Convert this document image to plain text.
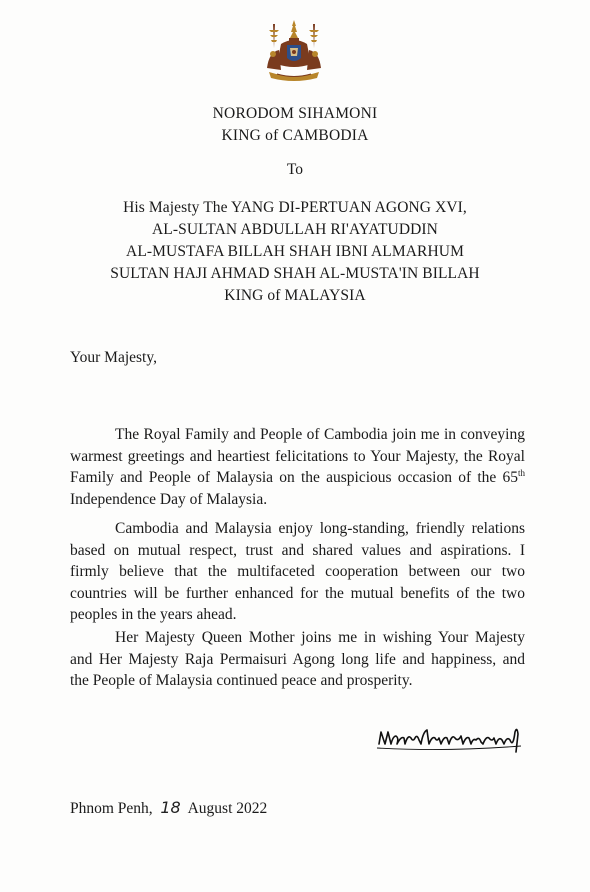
NORODOM SIHAMONI
KING of CAMBODIA
To
His Majesty The YANG DI-PERTUAN AGONG XVI,
AL-SULTAN ABDULLAH RI'AYATUDDIN
AL-MUSTAFA BILLAH SHAH IBNI ALMARHUM
SULTAN HAJI AHMAD SHAH AL-MUSTA'IN BILLAH
KING of MALAYSIA
Your Majesty,
The Royal Family and People of Cambodia join me in conveying
warmest greetings and heartiest felicitations to Your Majesty, the Royal
Family and People of Malaysia on the auspicious occasion of the 65th
Independence Day of Malaysia.
Cambodia and Malaysia enjoy long-standing, friendly relations
based on mutual respect, trust and shared values and aspirations. I
firmly believe that the multifaceted cooperation between our two
countries will be further enhanced for the mutual benefits of the two
peoples in the years ahead.
Her Majesty Queen Mother joins me in wishing Your Majesty
and Her Majesty Raja Permaisuri Agong long life and happiness, and
the People of Malaysia continued peace and prosperity.
Phnom Penh, 18 August 2022
